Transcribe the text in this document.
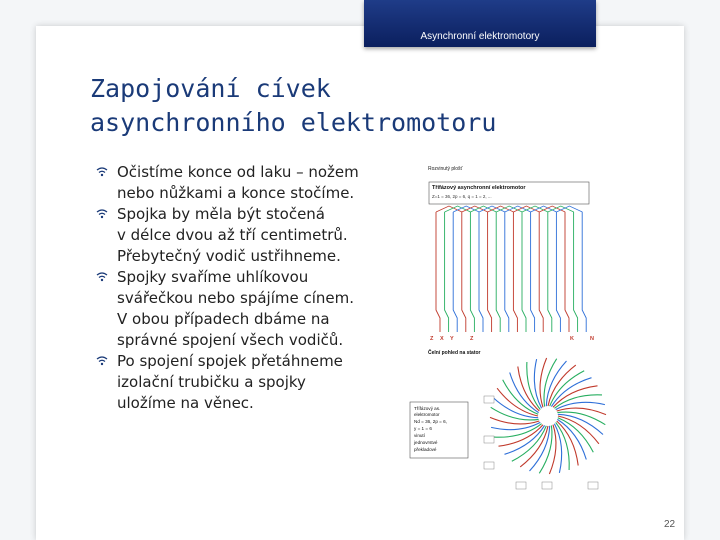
Asynchronní elektromotory
Zapojování cívek
asynchronního elektromotoru
Očistíme konce od laku – nožem
nebo nůžkami a konce stočíme.
Spojka by měla být stočená
v délce dvou až tří centimetrů.
Přebytečný vodič ustřihneme.
Spojky svaříme uhlíkovou
svářečkou nebo spájíme cínem.
V obou případech dbáme na
správné spojení všech vodičů.
Po spojení spojek přetáhneme
izolační trubičku a spojky
uložíme na věnec.
Rozvinutý plošť
Třífázový asynchronní elektromotor
Z=1 = 36, 2p = 6, q = 1 = 2, ...
Z X Y	Z	K	N
Čelní pohled na stator
Třífázový as.
elektromotor
Nd = 36, 2p = 6,
y = 1 = 6
vinutí
jednovrstvé
překladové
22
